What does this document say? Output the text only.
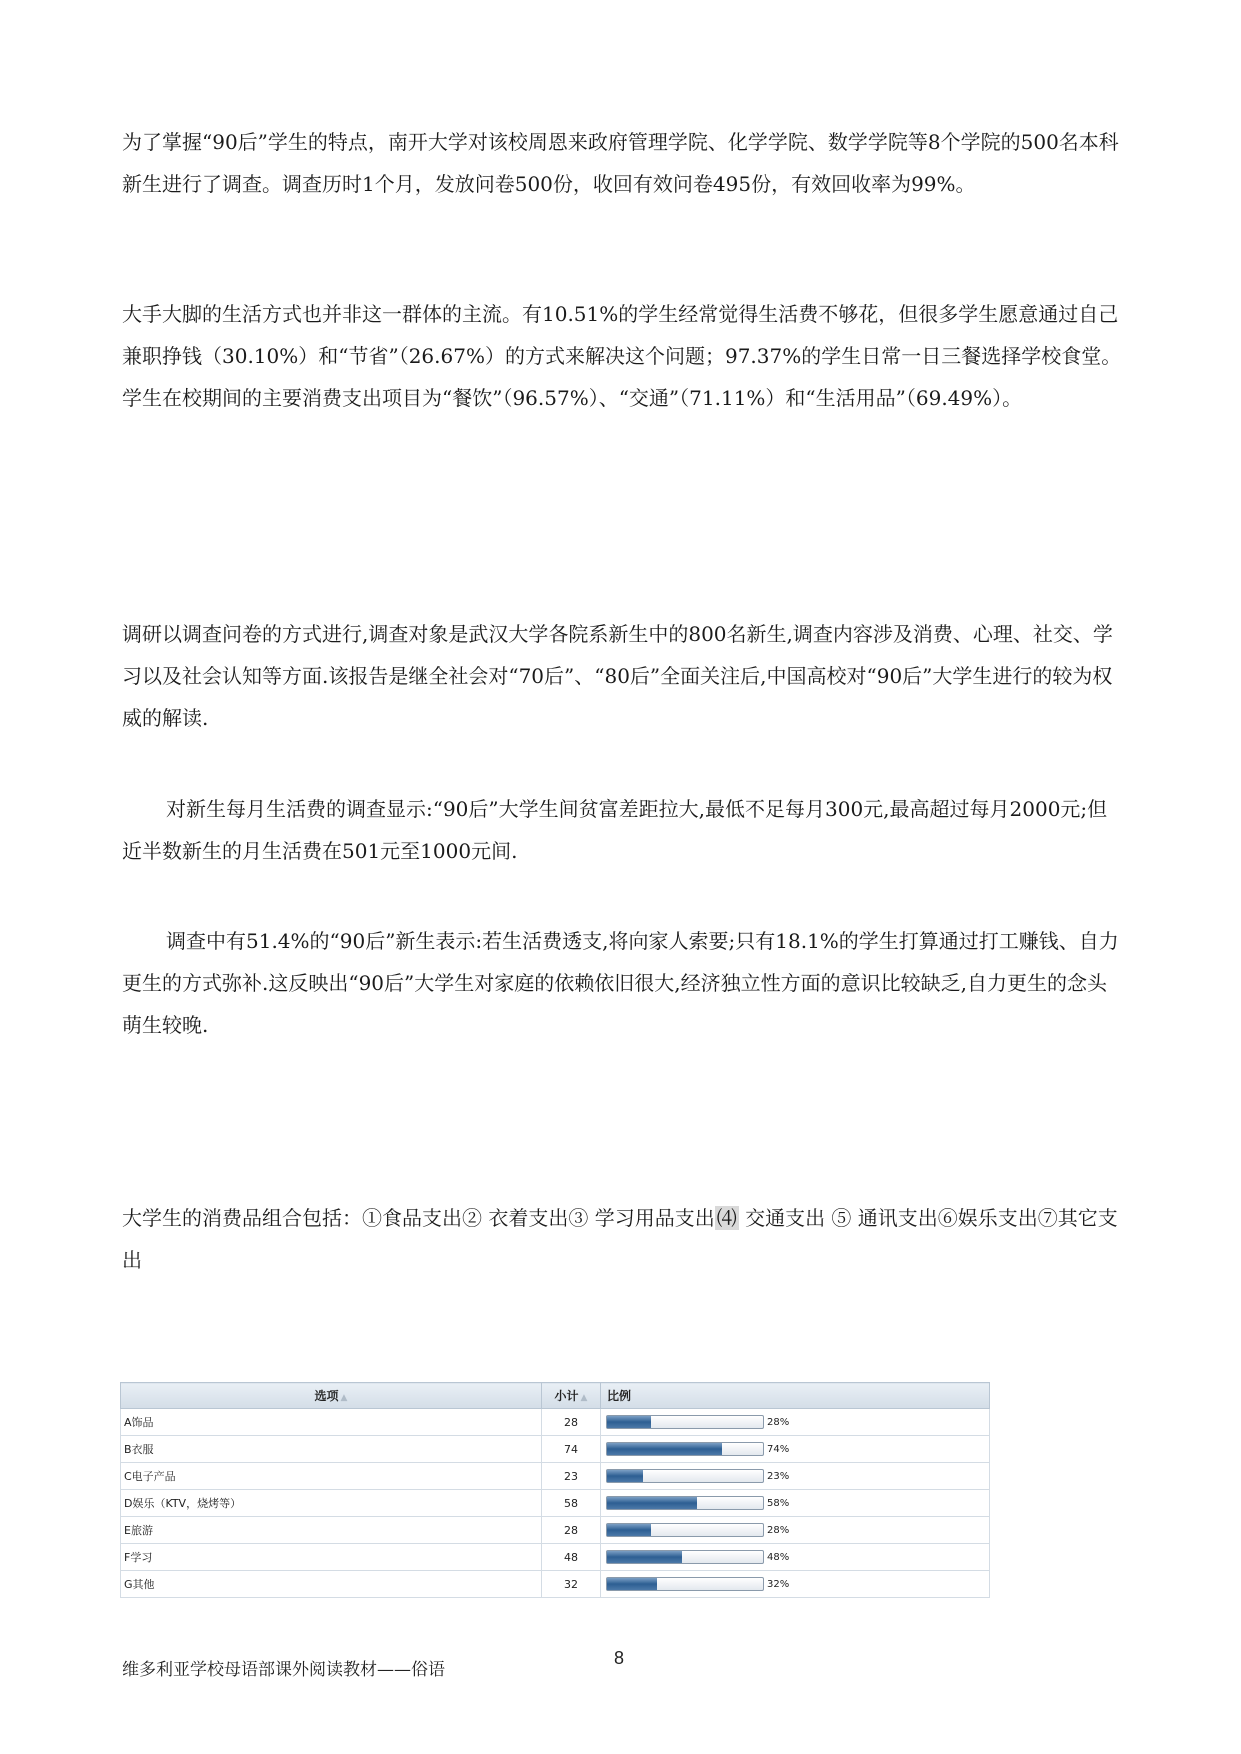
为了掌握“90后”学生的特点，南开大学对该校周恩来政府管理学院、化学学院、数学学院等8个学院的500名本科新生进行了调查。调查历时1个月，发放问卷500份，收回有效问卷495份，有效回收率为99%。

大手大脚的生活方式也并非这一群体的主流。有10.51%的学生经常觉得生活费不够花，但很多学生愿意通过自己兼职挣钱（30.10%）和“节省”（26.67%）的方式来解决这个问题；97.37%的学生日常一日三餐选择学校食堂。学生在校期间的主要消费支出项目为“餐饮”（96.57%）、“交通”（71.11%）和“生活用品”（69.49%）。

调研以调查问卷的方式进行,调查对象是武汉大学各院系新生中的800名新生,调查内容涉及消费、心理、社交、学习以及社会认知等方面.该报告是继全社会对“70后”、“80后”全面关注后,中国高校对“90后”大学生进行的较为权威的解读.

对新生每月生活费的调查显示:“90后”大学生间贫富差距拉大,最低不足每月300元,最高超过每月2000元;但近半数新生的月生活费在501元至1000元间.

调查中有51.4%的“90后”新生表示:若生活费透支,将向家人索要;只有18.1%的学生打算通过打工赚钱、自力更生的方式弥补.这反映出“90后”大学生对家庭的依赖依旧很大,经济独立性方面的意识比较缺乏,自力更生的念头萌生较晚.

大学生的消费品组合包括：①食品支出② 衣着支出③ 学习用品支出 ⑷ 交通支出 ⑤ 通讯支出⑥娱乐支出⑦其它支出
选项 ▲	小计 ▲	比例
A饰品	28	28%
B衣服	74	74%
C电子产品	23	23%
D娱乐（KTV，烧烤等）	58	58%
E旅游	28	28%
F学习	48	48%
G其他	32	32%
维多利亚学校母语部课外阅读教材——俗语
8
